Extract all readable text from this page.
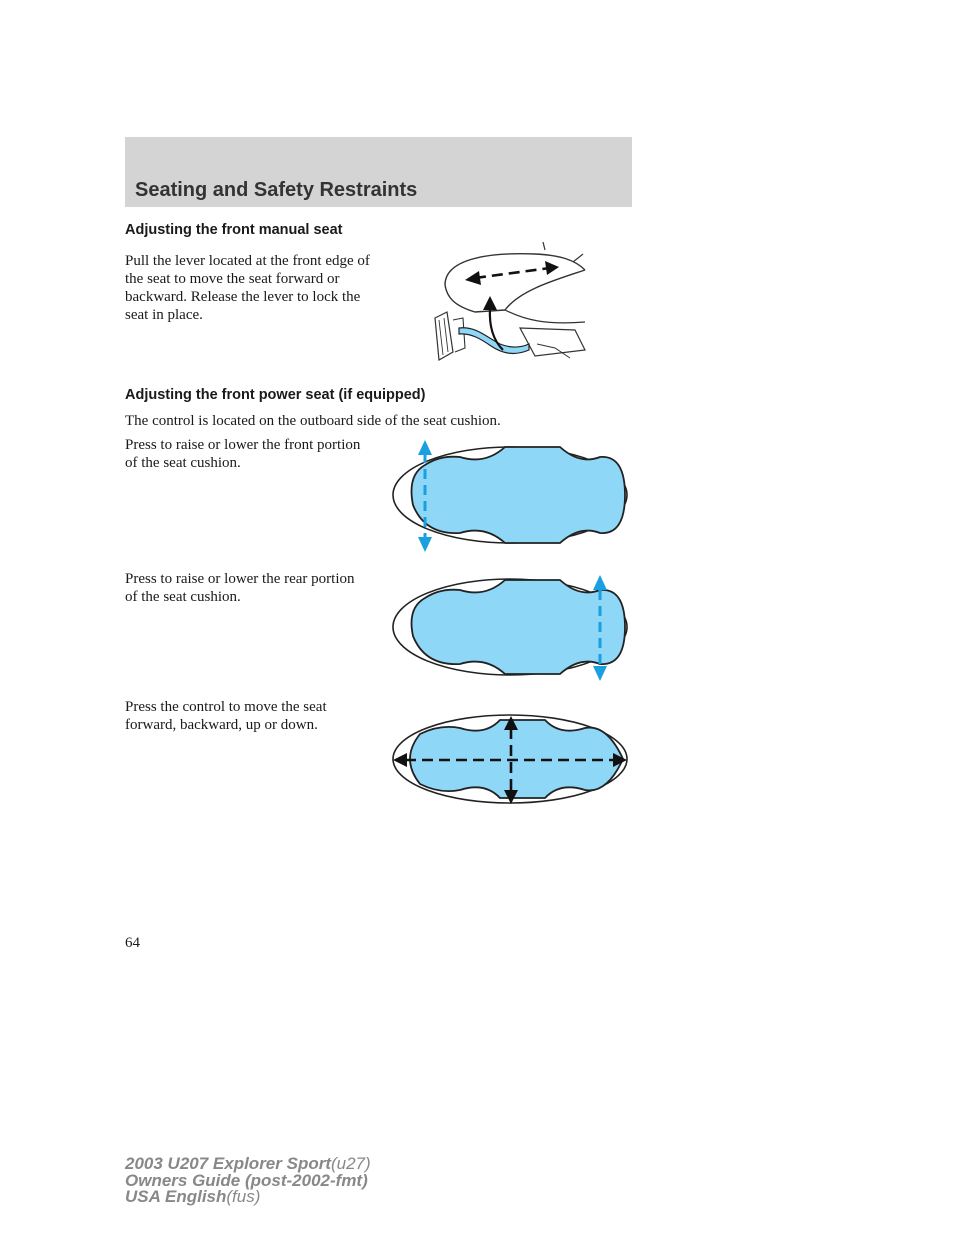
Seating and Safety Restraints
Adjusting the front manual seat

Pull the lever located at the front edge of the seat to move the seat forward or backward. Release the lever to lock the seat in place.

Adjusting the front power seat (if equipped)

The control is located on the outboard side of the seat cushion.

Press to raise or lower the front portion of the seat cushion.

Press to raise or lower the rear portion of the seat cushion.

Press the control to move the seat forward, backward, up or down.

64

2003 U207 Explorer Sport(u27)
Owners Guide (post-2002-fmt)
USA English(fus)
